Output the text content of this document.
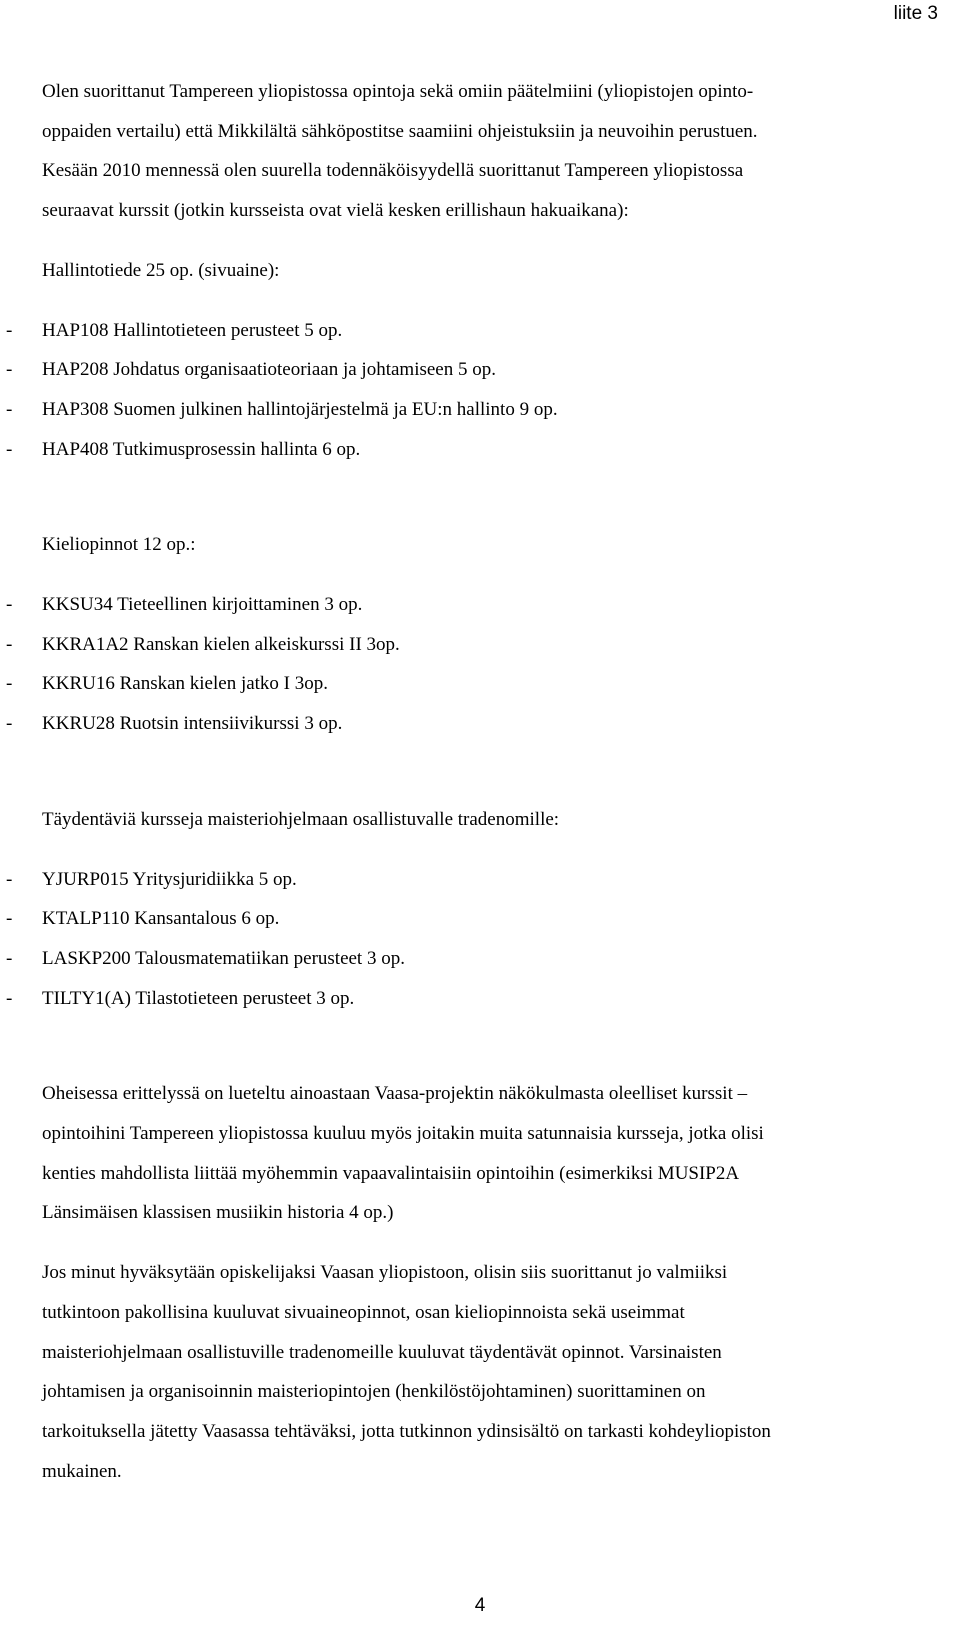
liite 3

Olen suorittanut Tampereen yliopistossa opintoja sekä omiin päätelmiini (yliopistojen opinto-

oppaiden vertailu) että Mikkilältä sähköpostitse saamiini ohjeistuksiin ja neuvoihin perustuen.

Kesään 2010 mennessä olen suurella todennäköisyydellä suorittanut Tampereen yliopistossa

seuraavat kurssit (jotkin kursseista ovat vielä kesken erillishaun hakuaikana):

Hallintotiede 25 op. (sivuaine):

- HAP108 Hallintotieteen perusteet 5 op.
- HAP208 Johdatus organisaatioteoriaan ja johtamiseen 5 op.
- HAP308 Suomen julkinen hallintojärjestelmä ja EU:n hallinto 9 op.
- HAP408 Tutkimusprosessin hallinta 6 op.

Kieliopinnot 12 op.:

- KKSU34 Tieteellinen kirjoittaminen 3 op.
- KKRA1A2 Ranskan kielen alkeiskurssi II 3op.
- KKRU16 Ranskan kielen jatko I 3op.
- KKRU28 Ruotsin intensiivikurssi 3 op.

Täydentäviä kursseja maisteriohjelmaan osallistuvalle tradenomille:

- YJURP015 Yritysjuridiikka 5 op.
- KTALP110 Kansantalous 6 op.
- LASKP200 Talousmatematiikan perusteet 3 op.
- TILTY1(A) Tilastotieteen perusteet 3 op.

Oheisessa erittelyssä on lueteltu ainoastaan Vaasa-projektin näkökulmasta oleelliset kurssit –

opintoihini Tampereen yliopistossa kuuluu myös joitakin muita satunnaisia kursseja, jotka olisi

kenties mahdollista liittää myöhemmin vapaavalintaisiin opintoihin (esimerkiksi MUSIP2A

Länsimäisen klassisen musiikin historia 4 op.)

Jos minut hyväksytään opiskelijaksi Vaasan yliopistoon, olisin siis suorittanut jo valmiiksi

tutkintoon pakollisina kuuluvat sivuaineopinnot, osan kieliopinnoista sekä useimmat

maisteriohjelmaan osallistuville tradenomeille kuuluvat täydentävät opinnot. Varsinaisten

johtamisen ja organisoinnin maisteriopintojen (henkilöstöjohtaminen) suorittaminen on

tarkoituksella jätetty Vaasassa tehtäväksi, jotta tutkinnon ydinsisältö on tarkasti kohdeyliopiston

mukainen.

4
